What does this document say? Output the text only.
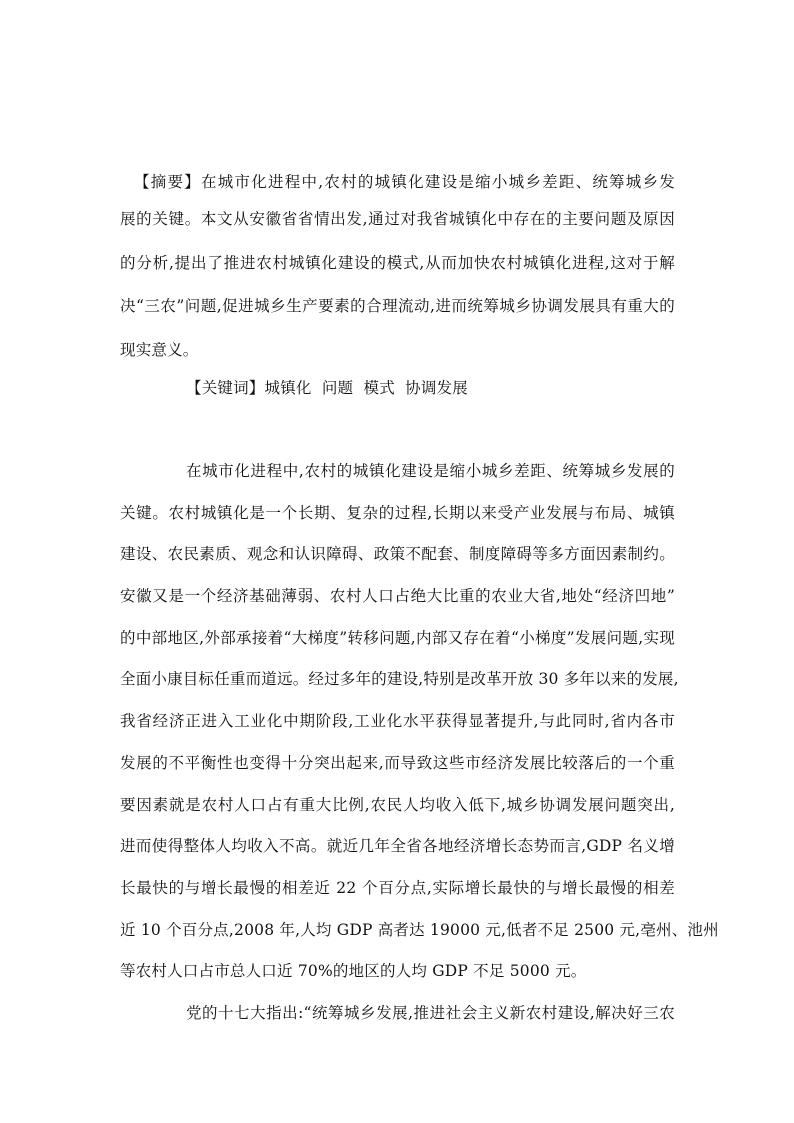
【摘要】在城市化进程中,农村的城镇化建设是缩小城乡差距、统筹城乡发
展的关键。本文从安徽省省情出发,通过对我省城镇化中存在的主要问题及原因
的分析,提出了推进农村城镇化建设的模式,从而加快农村城镇化进程,这对于解
决“三农”问题,促进城乡生产要素的合理流动,进而统筹城乡协调发展具有重大的
现实意义。
【关键词】城镇化  问题  模式  协调发展
在城市化进程中,农村的城镇化建设是缩小城乡差距、统筹城乡发展的
关键。农村城镇化是一个长期、复杂的过程,长期以来受产业发展与布局、城镇
建设、农民素质、观念和认识障碍、政策不配套、制度障碍等多方面因素制约。
安徽又是一个经济基础薄弱、农村人口占绝大比重的农业大省,地处“经济凹地”
的中部地区,外部承接着“大梯度”转移问题,内部又存在着“小梯度”发展问题,实现
全面小康目标任重而道远。经过多年的建设,特别是改革开放 30 多年以来的发展,
我省经济正进入工业化中期阶段,工业化水平获得显著提升,与此同时,省内各市
发展的不平衡性也变得十分突出起来,而导致这些市经济发展比较落后的一个重
要因素就是农村人口占有重大比例,农民人均收入低下,城乡协调发展问题突出,
进而使得整体人均收入不高。就近几年全省各地经济增长态势而言,GDP 名义增
长最快的与增长最慢的相差近 22 个百分点,实际增长最快的与增长最慢的相差
近 10 个百分点,2008 年,人均 GDP 高者达 19000 元,低者不足 2500 元,亳州、池州
等农村人口占市总人口近 70%的地区的人均 GDP 不足 5000 元。
党的十七大指出:“统筹城乡发展,推进社会主义新农村建设,解决好三农
